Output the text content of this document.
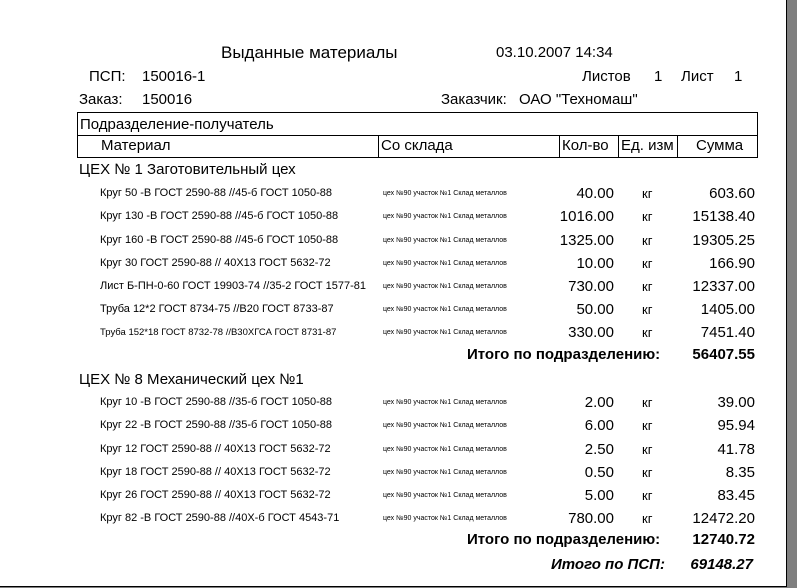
Выданные материалы	03.10.2007 14:34
ПСП: 150016-1	Листов 1 Лист 1
Заказ: 150016	Заказчик: ОАО "Техномаш"
Подразделение-получатель
Материал	Со склада	Кол-во Ед. изм Сумма
ЦЕХ № 1 Заготовительный цех
Круг 50 -В ГОСТ 2590-88 //45-б ГОСТ 1050-88	цех №90 участок №1 Склад металлов	40.00 кг	603.60
Круг 130 -В ГОСТ 2590-88 //45-б ГОСТ 1050-88	цех №90 участок №1 Склад металлов	1016.00 кг	15138.40
Круг 160 -В ГОСТ 2590-88 //45-б ГОСТ 1050-88	цех №90 участок №1 Склад металлов	1325.00 кг	19305.25
Круг 30 ГОСТ 2590-88 // 40Х13 ГОСТ 5632-72	цех №90 участок №1 Склад металлов	10.00 кг	166.90
Лист Б-ПН-0-60 ГОСТ 19903-74 //35-2 ГОСТ 1577-81 цех №90 участок №1 Склад металлов	730.00 кг	12337.00
Труба 12*2 ГОСТ 8734-75 //В20 ГОСТ 8733-87	цех №90 участок №1 Склад металлов	50.00 кг	1405.00
Труба 152*18 ГОСТ 8732-78 //В30ХГСА ГОСТ 8731-87	цех №90 участок №1 Склад металлов	330.00 кг	7451.40
Итого по подразделению: 56407.55
ЦЕХ № 8 Механический цех №1
Круг 10 -В ГОСТ 2590-88 //35-б ГОСТ 1050-88	цех №90 участок №1 Склад металлов	2.00 кг	39.00
Круг 22 -В ГОСТ 2590-88 //35-б ГОСТ 1050-88	цех №90 участок №1 Склад металлов	6.00 кг	95.94
Круг 12 ГОСТ 2590-88 // 40Х13 ГОСТ 5632-72	цех №90 участок №1 Склад металлов	2.50 кг	41.78
Круг 18 ГОСТ 2590-88 // 40Х13 ГОСТ 5632-72	цех №90 участок №1 Склад металлов	0.50 кг	8.35
Круг 26 ГОСТ 2590-88 // 40Х13 ГОСТ 5632-72	цех №90 участок №1 Склад металлов	5.00 кг	83.45
Круг 82 -В ГОСТ 2590-88 //40Х-б ГОСТ 4543-71	цех №90 участок №1 Склад металлов	780.00 кг	12472.20
Итого по подразделению: 12740.72
Итого по ПСП: 69148.27
